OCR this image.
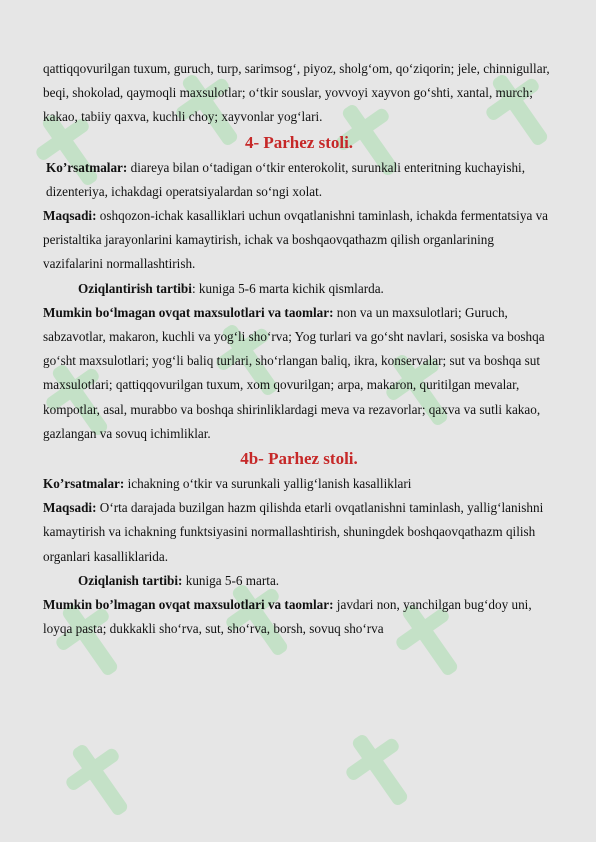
qattiqqovurilgan tuxum, guruch, turp, sarimsog‘, piyoz, sholg‘om, qo‘ziqorin; jele, chinnigullar, beqi, shokolad, qaymoqli maxsulotlar; o‘tkir souslar, yovvoyi xayvon go‘shti, xantal, murch; kakao, tabiiy qaxva, kuchli choy; xayvonlar yog‘lari.

4- Parhez stoli.

Ko’rsatmalar: diareya bilan o‘tadigan o‘tkir enterokolit, surunkali enteritning kuchayishi, dizenteriya, ichakdagi operatsiyalardan so‘ngi xolat.

Maqsadi: oshqozon-ichak kasalliklari uchun ovqatlanishni taminlash, ichakda fermentatsiya va peristaltika jarayonlarini kamaytirish, ichak va boshqaovqathazm qilish organlarining vazifalarini normallashtirish.

Oziqlantirish tartibi: kuniga 5-6 marta kichik qismlarda.

Mumkin bo‘lmagan ovqat maxsulotlari va taomlar: non va un maxsulotlari; Guruch, sabzavotlar, makaron, kuchli va yog‘li sho‘rva; Yog turlari va go‘sht navlari, sosiska va boshqa go‘sht maxsulotlari; yog‘li baliq turlari, sho‘rlangan baliq, ikra, konservalar; sut va boshqa sut maxsulotlari; qattiqqovurilgan tuxum, xom qovurilgan; arpa, makaron, quritilgan mevalar, kompotlar, asal, murabbo va boshqa shirinliklardagi meva va rezavorlar; qaxva va sutli kakao, gazlangan va sovuq ichimliklar.

4b- Parhez stoli.

Ko’rsatmalar: ichakning o‘tkir va surunkali yallig‘lanish kasalliklari

Maqsadi: O‘rta darajada buzilgan hazm qilishda etarli ovqatlanishni taminlash, yallig‘lanishni kamaytirish va ichakning funktsiyasini normallashtirish, shuningdek boshqaovqathazm qilish organlari kasalliklarida.

Oziqlanish tartibi: kuniga 5-6 marta.

Mumkin bo’lmagan ovqat maxsulotlari va taomlar: javdari non, yanchilgan bug‘doy uni, loyqa pasta; dukkakli sho‘rva, sut, sho‘rva, borsh, sovuq sho‘rva
